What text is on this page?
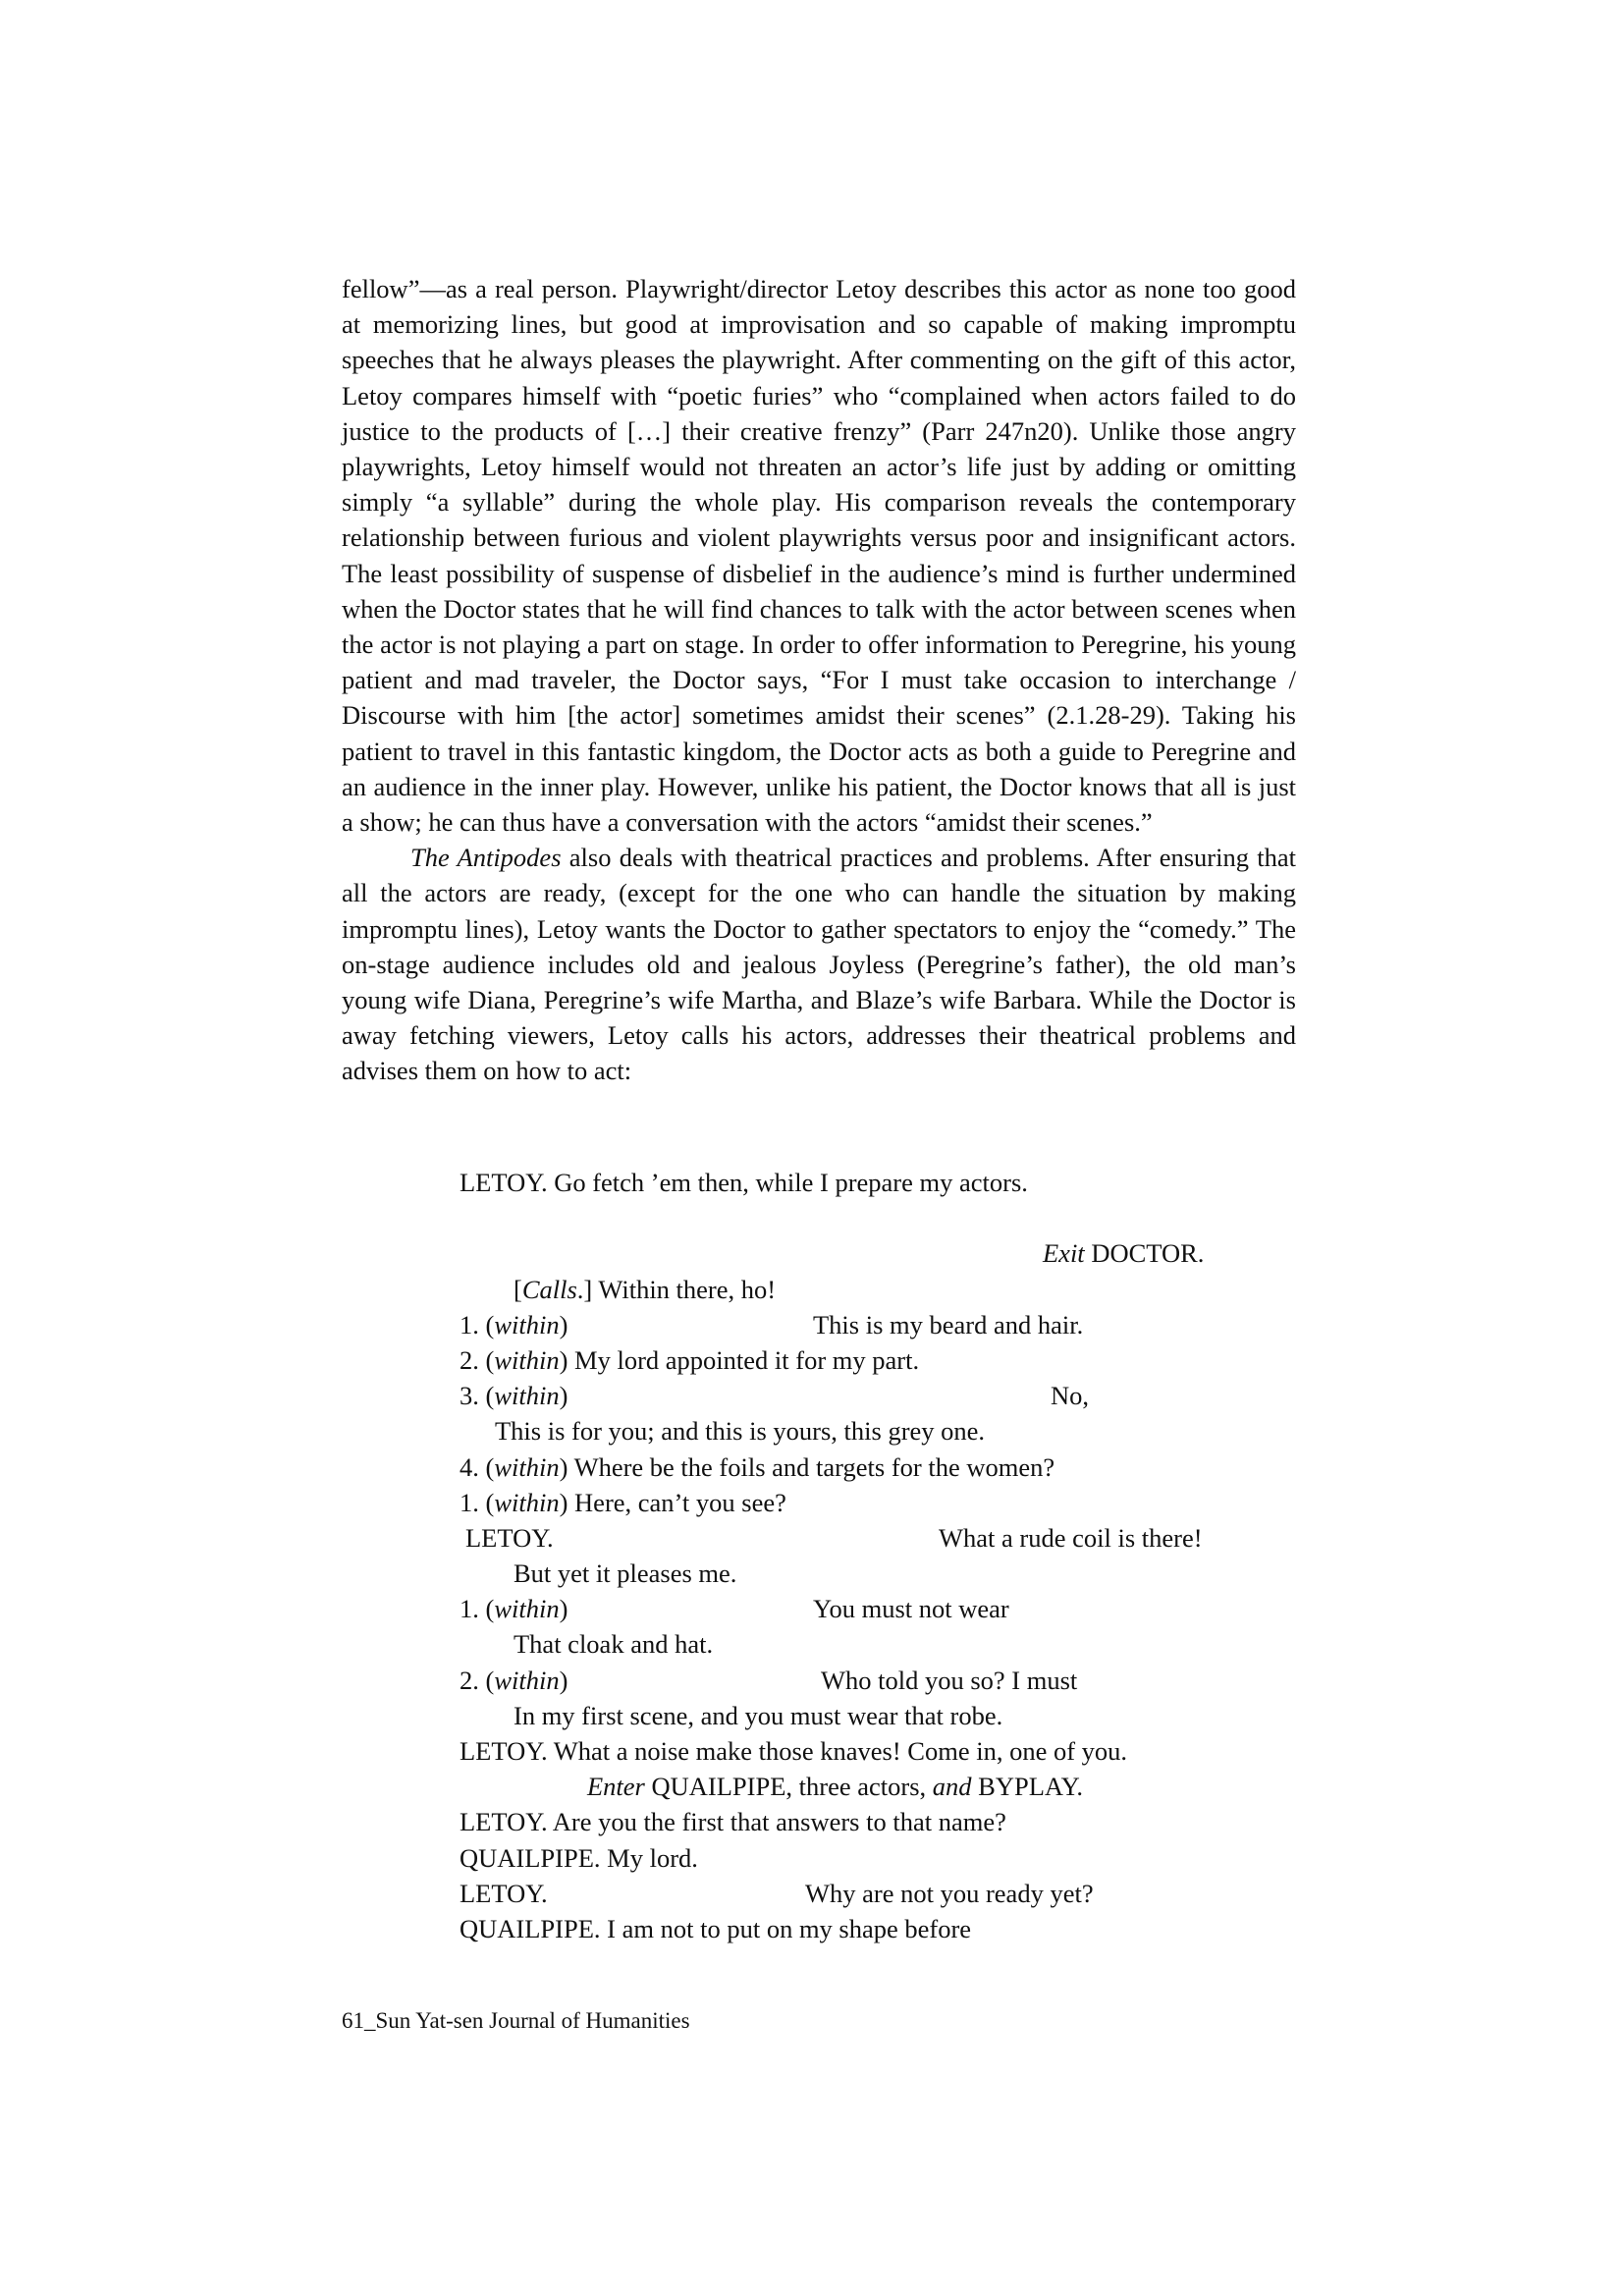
fellow”—as a real person. Playwright/director Letoy describes this actor as none too good at memorizing lines, but good at improvisation and so capable of making impromptu speeches that he always pleases the playwright. After commenting on the gift of this actor, Letoy compares himself with “poetic furies” who “complained when actors failed to do justice to the products of […] their creative frenzy” (Parr 247n20). Unlike those angry playwrights, Letoy himself would not threaten an actor’s life just by adding or omitting simply “a syllable” during the whole play. His comparison reveals the contemporary relationship between furious and violent playwrights versus poor and insignificant actors. The least possibility of suspense of disbelief in the audience’s mind is further undermined when the Doctor states that he will find chances to talk with the actor between scenes when the actor is not playing a part on stage. In order to offer information to Peregrine, his young patient and mad traveler, the Doctor says, “For I must take occasion to interchange / Discourse with him [the actor] sometimes amidst their scenes” (2.1.28-29). Taking his patient to travel in this fantastic kingdom, the Doctor acts as both a guide to Peregrine and an audience in the inner play. However, unlike his patient, the Doctor knows that all is just a show; he can thus have a conversation with the actors “amidst their scenes.”

The Antipodes also deals with theatrical practices and problems. After ensuring that all the actors are ready, (except for the one who can handle the situation by making impromptu lines), Letoy wants the Doctor to gather spectators to enjoy the “comedy.” The on-stage audience includes old and jealous Joyless (Peregrine’s father), the old man’s young wife Diana, Peregrine’s wife Martha, and Blaze’s wife Barbara. While the Doctor is away fetching viewers, Letoy calls his actors, addresses their theatrical problems and advises them on how to act:

LETOY. Go fetch ’em then, while I prepare my actors.
Exit DOCTOR.
[Calls.] Within there, ho!
1. (within)	This is my beard and hair.
2. (within) My lord appointed it for my part.
3. (within)	No,
This is for you; and this is yours, this grey one.
4. (within) Where be the foils and targets for the women?
1. (within) Here, can’t you see?
LETOY.	What a rude coil is there!
But yet it pleases me.
1. (within)	You must not wear
That cloak and hat.
2. (within)	Who told you so? I must
In my first scene, and you must wear that robe.
LETOY. What a noise make those knaves! Come in, one of you.
Enter QUAILPIPE, three actors, and BYPLAY.
LETOY. Are you the first that answers to that name?
QUAILPIPE. My lord.
LETOY.	Why are not you ready yet?
QUAILPIPE. I am not to put on my shape before
61_Sun Yat-sen Journal of Humanities
